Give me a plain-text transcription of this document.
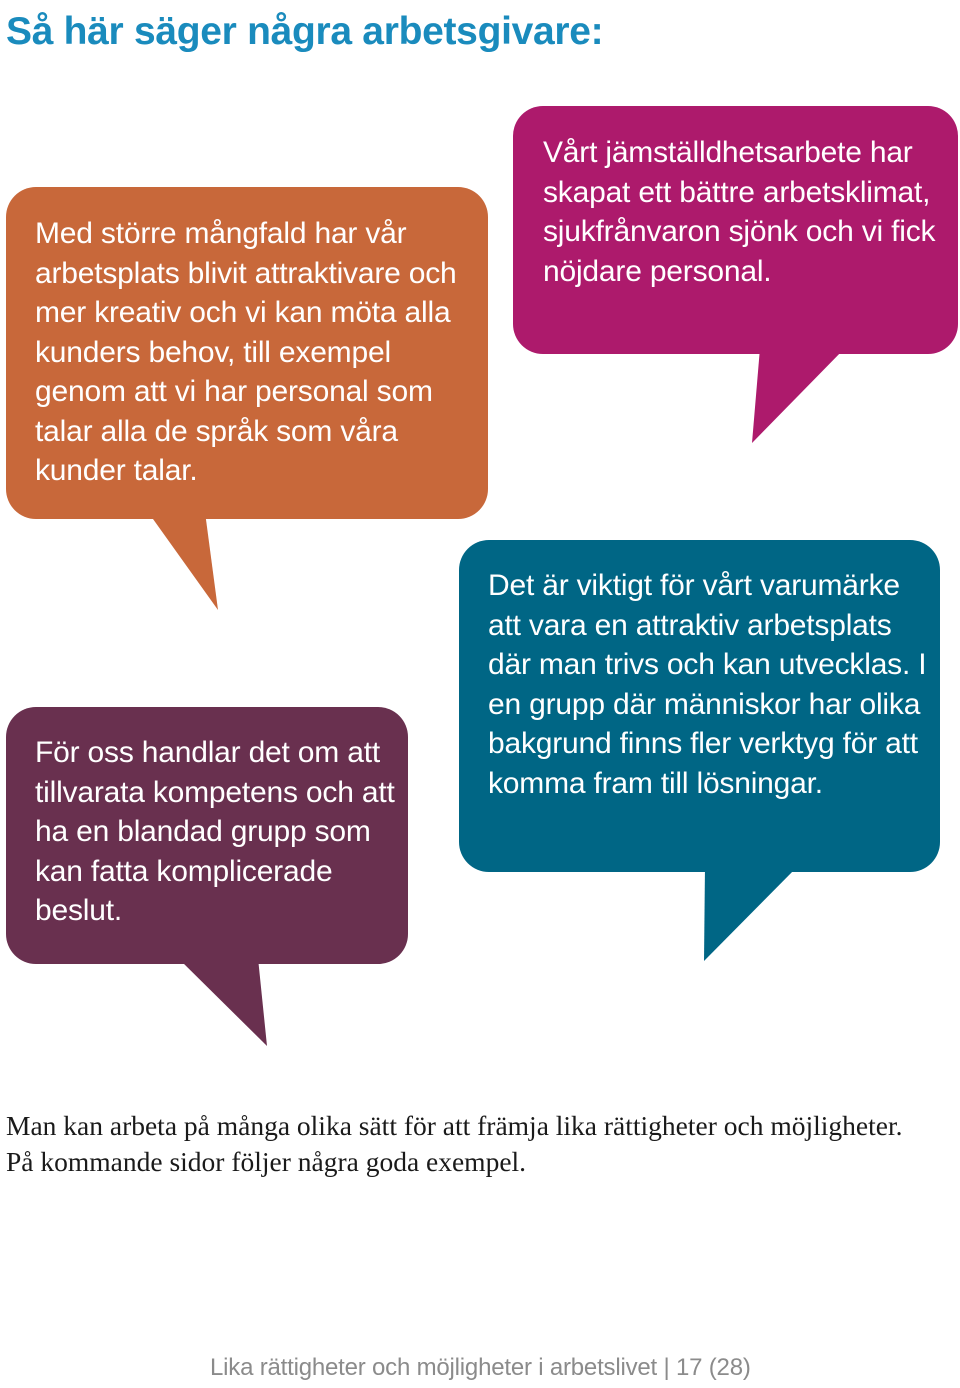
Så här säger några arbetsgivare:

Med större mångfald har vår arbetsplats blivit attraktivare och mer kreativ och vi kan möta alla kunders behov, till exempel genom att vi har personal som talar alla de språk som våra kunder talar.

Vårt jämställdhetsarbete har skapat ett bättre arbetsklimat, sjukfrånvaron sjönk och vi fick nöjdare personal.

För oss handlar det om att tillvarata kompetens och att ha en blandad grupp som kan fatta komplicerade beslut.

Det är viktigt för vårt varumärke att vara en attraktiv arbetsplats där man trivs och kan utvecklas. I en grupp där människor har olika bakgrund finns fler verktyg för att komma fram till lösningar.

Man kan arbeta på många olika sätt för att främja lika rättigheter och möjligheter. På kommande sidor följer några goda exempel.

Lika rättigheter och möjligheter i arbetslivet | 17 (28)
